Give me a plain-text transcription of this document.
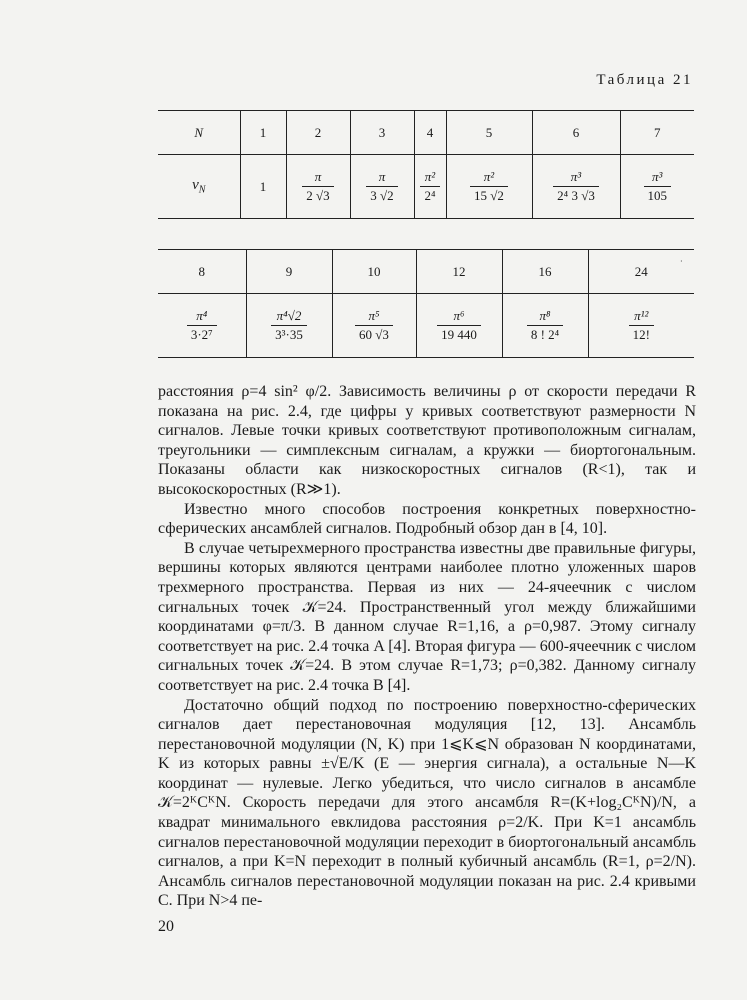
Таблица 21
N	1	2	3	4	5	6	7
$\nu_N$	1	$\frac{\pi}{2 √3}$	$\frac{\pi}{3 √2}$	$\frac{\text{π²}}{\text{2⁴}}$	$\frac{\text{π²}}{15 √2}$	$\frac{\text{π³}}{\text{2⁴ 3 √3}}$	$\frac{\text{π³}}{105}$
·
8	9	10	12	16	24

$\frac{\text{π⁴}}{\text{3·2⁷}}$	$\frac{\text{π⁴√2}}{\text{3³·35}}$	$\frac{\text{π⁵}}{60 √3}$	$\frac{\text{π⁶}}{19 440}$	$\frac{\text{π⁸}}{\text{8 ! 2⁴}}$	$\frac{\text{π¹²}}{12!}$

расстояния ρ=4 sin² φ/2. Зависимость величины ρ от скорости передачи R показана на рис. 2.4, где цифры у кривых соответствуют размерности N сигналов. Левые точки кривых соответствуют противоположным сигналам, треугольники — симплексным сигналам, а кружки — биортогональным. Показаны области как низкоскоростных сигналов (R<1), так и высокоскоростных (R≫1).

Известно много способов построения конкретных поверхностно-сферических ансамблей сигналов. Подробный обзор дан в [4, 10].

В случае четырехмерного пространства известны две правильные фигуры, вершины которых являются центрами наиболее плотно уложенных шаров трехмерного пространства. Первая из них — 24-ячеечник с числом сигнальных точек 𝒦=24. Пространственный угол между ближайшими координатами φ=π/3. В данном случае R=1,16, а ρ=0,987. Этому сигналу соответствует на рис. 2.4 точка A [4]. Вторая фигура — 600-ячеечник с числом сигнальных точек 𝒦=24. В этом случае R=1,73; ρ=0,382. Данному сигналу соответствует на рис. 2.4 точка B [4].

Достаточно общий подход по построению поверхностно-сферических сигналов дает перестановочная модуляция [12, 13]. Ансамбль перестановочной модуляции (N, K) при 1⩽K⩽N образован N координатами, K из которых равны ±√E/K (E — энергия сигнала), а остальные N—K координат — нулевые. Легко убедиться, что число сигналов в ансамбле 𝒦=2ᴷCᴷN. Скорость передачи для этого ансамбля R=(K+log₂CᴷN)/N, а квадрат минимального евклидова расстояния ρ=2/K. При K=1 ансамбль сигналов перестановочной модуляции переходит в биортогональный ансамбль сигналов, а при K=N переходит в полный кубичный ансамбль (R=1, ρ=2/N). Ансамбль сигналов перестановочной модуляции показан на рис. 2.4 кривыми C. При N>4 пе-

20
